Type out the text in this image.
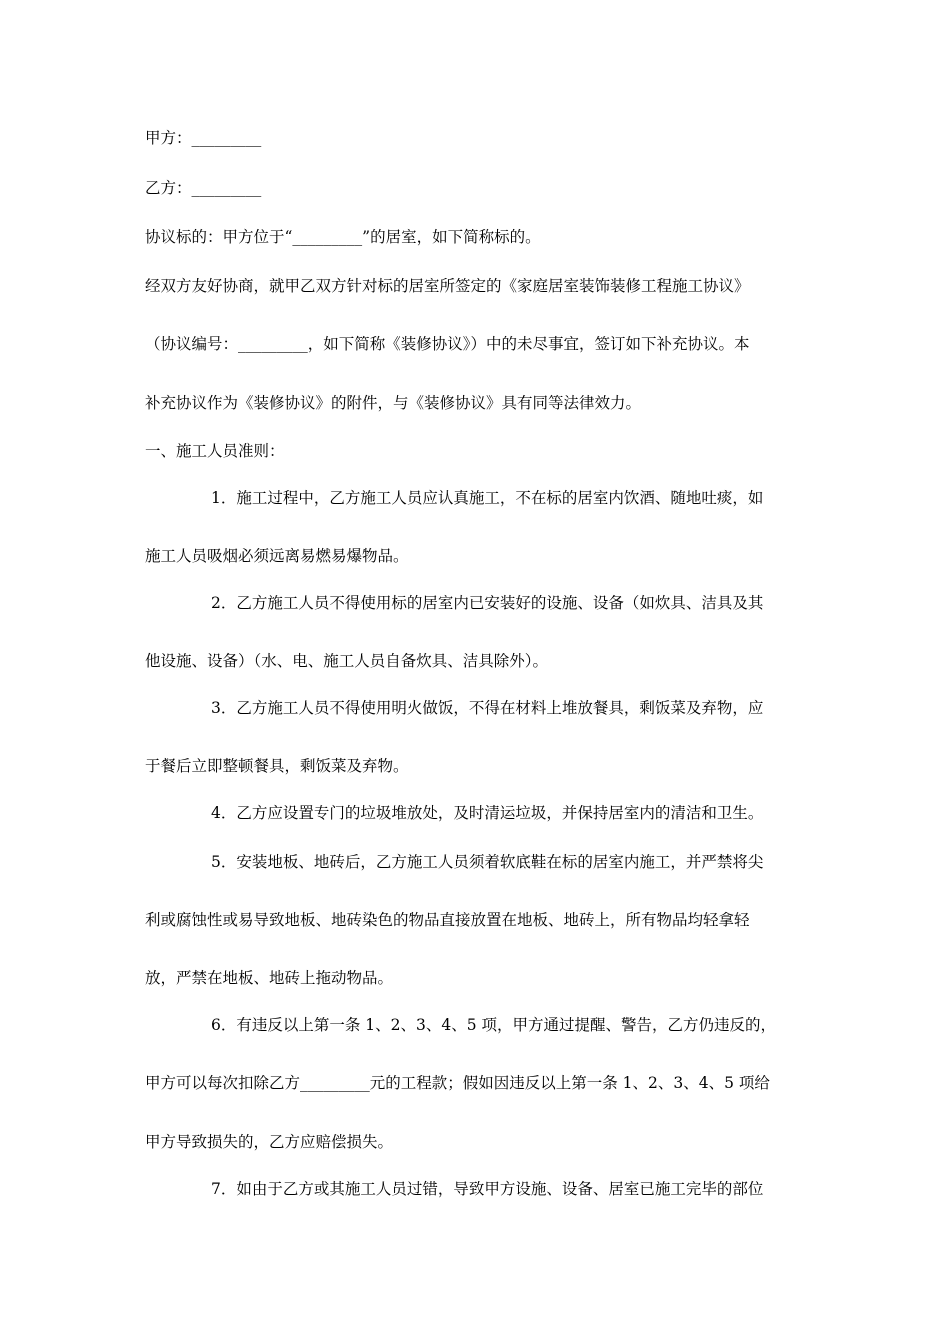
甲方：_________
乙方：_________
协议标的：甲方位于“_________”的居室，如下简称标的。
经双方友好协商，就甲乙双方针对标的居室所签定的《家庭居室装饰装修工程施工协议》
（协议编号：_________，如下简称《装修协议》）中的未尽事宜，签订如下补充协议。本
补充协议作为《装修协议》的附件，与《装修协议》具有同等法律效力。
一、施工人员准则：
1．施工过程中，乙方施工人员应认真施工，不在标的居室内饮酒、随地吐痰，如
施工人员吸烟必须远离易燃易爆物品。
2．乙方施工人员不得使用标的居室内已安装好的设施、设备（如炊具、洁具及其
他设施、设备）（水、电、施工人员自备炊具、洁具除外）。
3．乙方施工人员不得使用明火做饭，不得在材料上堆放餐具，剩饭菜及弃物，应
于餐后立即整顿餐具，剩饭菜及弃物。
4．乙方应设置专门的垃圾堆放处，及时清运垃圾，并保持居室内的清洁和卫生。
5．安装地板、地砖后，乙方施工人员须着软底鞋在标的居室内施工，并严禁将尖
利或腐蚀性或易导致地板、地砖染色的物品直接放置在地板、地砖上，所有物品均轻拿轻
放，严禁在地板、地砖上拖动物品。
6．有违反以上第一条 1、2、3、4、5 项，甲方通过提醒、警告，乙方仍违反的，
甲方可以每次扣除乙方_________元的工程款；假如因违反以上第一条 1、2、3、4、5 项给
甲方导致损失的，乙方应赔偿损失。
7．如由于乙方或其施工人员过错，导致甲方设施、设备、居室已施工完毕的部位
